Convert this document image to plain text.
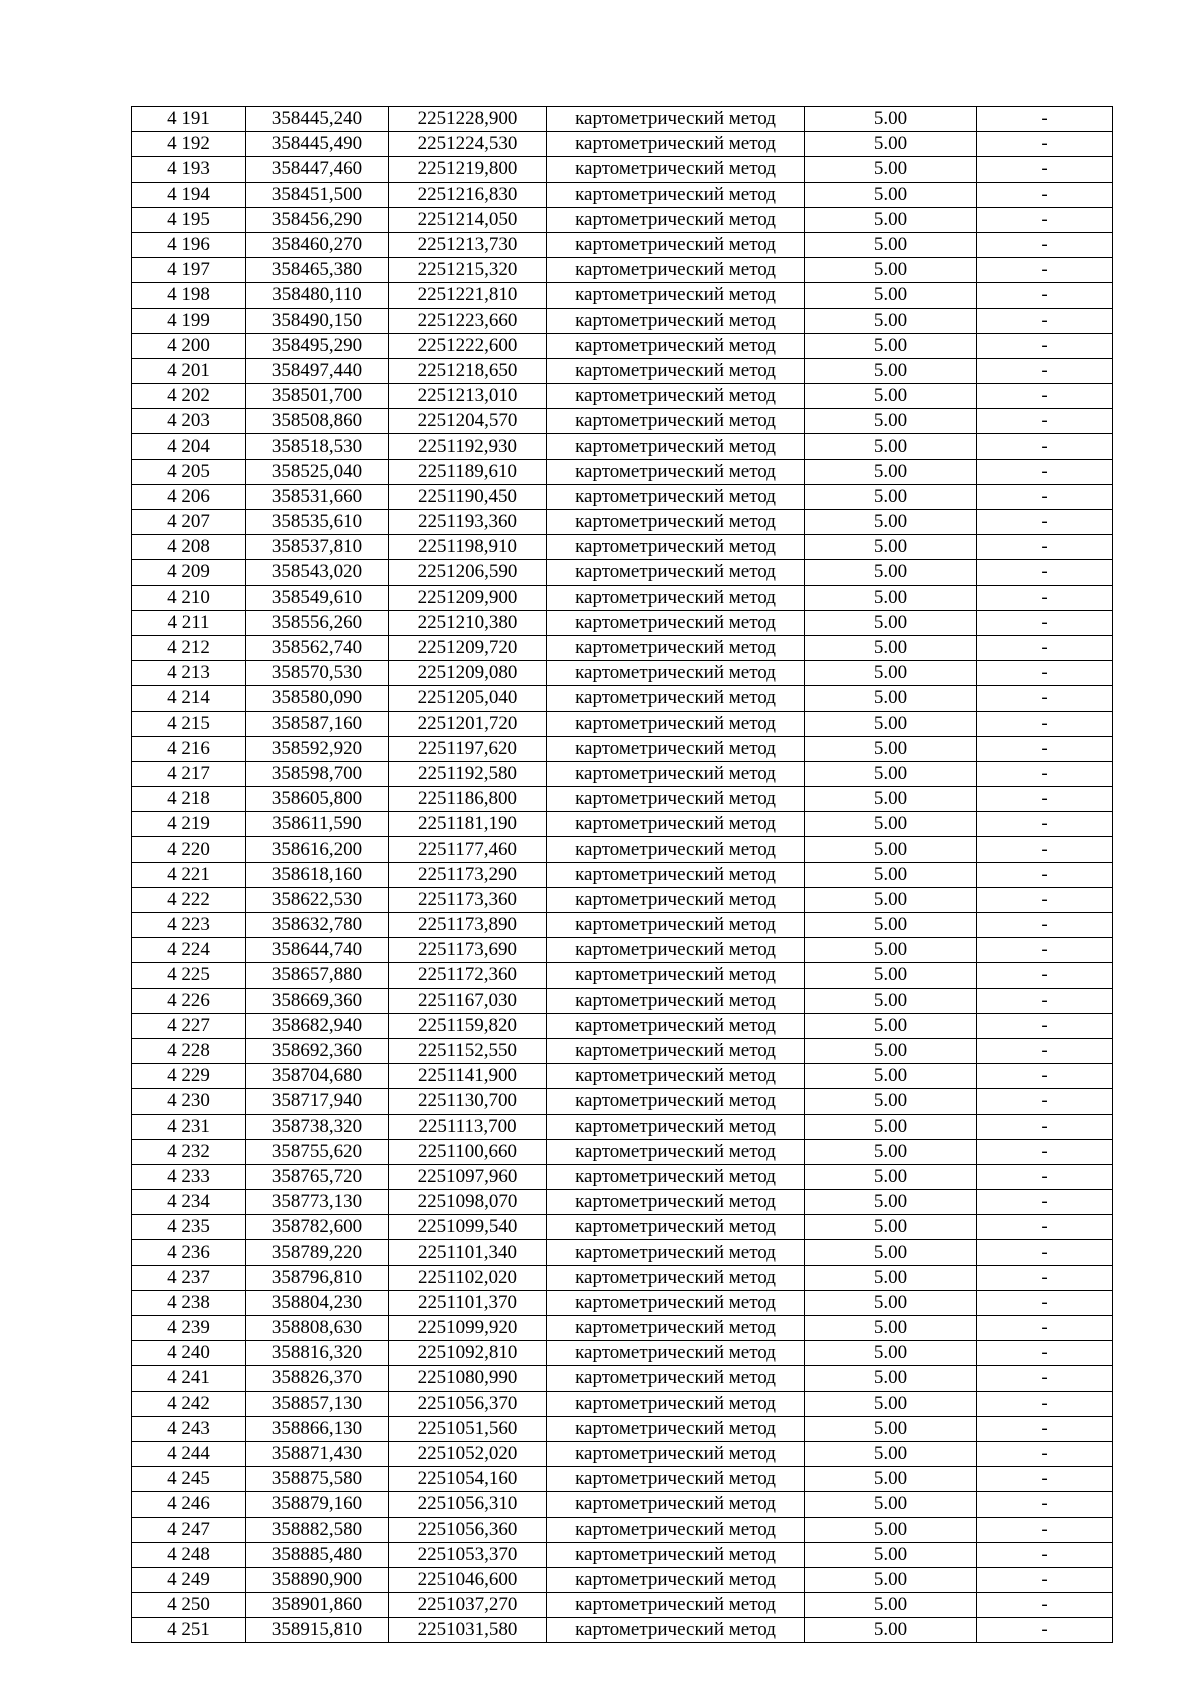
4 191	358445,240	2251228,900	картометрический метод	5.00	-
4 192	358445,490	2251224,530	картометрический метод	5.00	-
4 193	358447,460	2251219,800	картометрический метод	5.00	-
4 194	358451,500	2251216,830	картометрический метод	5.00	-
4 195	358456,290	2251214,050	картометрический метод	5.00	-
4 196	358460,270	2251213,730	картометрический метод	5.00	-
4 197	358465,380	2251215,320	картометрический метод	5.00	-
4 198	358480,110	2251221,810	картометрический метод	5.00	-
4 199	358490,150	2251223,660	картометрический метод	5.00	-
4 200	358495,290	2251222,600	картометрический метод	5.00	-
4 201	358497,440	2251218,650	картометрический метод	5.00	-
4 202	358501,700	2251213,010	картометрический метод	5.00	-
4 203	358508,860	2251204,570	картометрический метод	5.00	-
4 204	358518,530	2251192,930	картометрический метод	5.00	-
4 205	358525,040	2251189,610	картометрический метод	5.00	-
4 206	358531,660	2251190,450	картометрический метод	5.00	-
4 207	358535,610	2251193,360	картометрический метод	5.00	-
4 208	358537,810	2251198,910	картометрический метод	5.00	-
4 209	358543,020	2251206,590	картометрический метод	5.00	-
4 210	358549,610	2251209,900	картометрический метод	5.00	-
4 211	358556,260	2251210,380	картометрический метод	5.00	-
4 212	358562,740	2251209,720	картометрический метод	5.00	-
4 213	358570,530	2251209,080	картометрический метод	5.00	-
4 214	358580,090	2251205,040	картометрический метод	5.00	-
4 215	358587,160	2251201,720	картометрический метод	5.00	-
4 216	358592,920	2251197,620	картометрический метод	5.00	-
4 217	358598,700	2251192,580	картометрический метод	5.00	-
4 218	358605,800	2251186,800	картометрический метод	5.00	-
4 219	358611,590	2251181,190	картометрический метод	5.00	-
4 220	358616,200	2251177,460	картометрический метод	5.00	-
4 221	358618,160	2251173,290	картометрический метод	5.00	-
4 222	358622,530	2251173,360	картометрический метод	5.00	-
4 223	358632,780	2251173,890	картометрический метод	5.00	-
4 224	358644,740	2251173,690	картометрический метод	5.00	-
4 225	358657,880	2251172,360	картометрический метод	5.00	-
4 226	358669,360	2251167,030	картометрический метод	5.00	-
4 227	358682,940	2251159,820	картометрический метод	5.00	-
4 228	358692,360	2251152,550	картометрический метод	5.00	-
4 229	358704,680	2251141,900	картометрический метод	5.00	-
4 230	358717,940	2251130,700	картометрический метод	5.00	-
4 231	358738,320	2251113,700	картометрический метод	5.00	-
4 232	358755,620	2251100,660	картометрический метод	5.00	-
4 233	358765,720	2251097,960	картометрический метод	5.00	-
4 234	358773,130	2251098,070	картометрический метод	5.00	-
4 235	358782,600	2251099,540	картометрический метод	5.00	-
4 236	358789,220	2251101,340	картометрический метод	5.00	-
4 237	358796,810	2251102,020	картометрический метод	5.00	-
4 238	358804,230	2251101,370	картометрический метод	5.00	-
4 239	358808,630	2251099,920	картометрический метод	5.00	-
4 240	358816,320	2251092,810	картометрический метод	5.00	-
4 241	358826,370	2251080,990	картометрический метод	5.00	-
4 242	358857,130	2251056,370	картометрический метод	5.00	-
4 243	358866,130	2251051,560	картометрический метод	5.00	-
4 244	358871,430	2251052,020	картометрический метод	5.00	-
4 245	358875,580	2251054,160	картометрический метод	5.00	-
4 246	358879,160	2251056,310	картометрический метод	5.00	-
4 247	358882,580	2251056,360	картометрический метод	5.00	-
4 248	358885,480	2251053,370	картометрический метод	5.00	-
4 249	358890,900	2251046,600	картометрический метод	5.00	-
4 250	358901,860	2251037,270	картометрический метод	5.00	-
4 251	358915,810	2251031,580	картометрический метод	5.00	-
